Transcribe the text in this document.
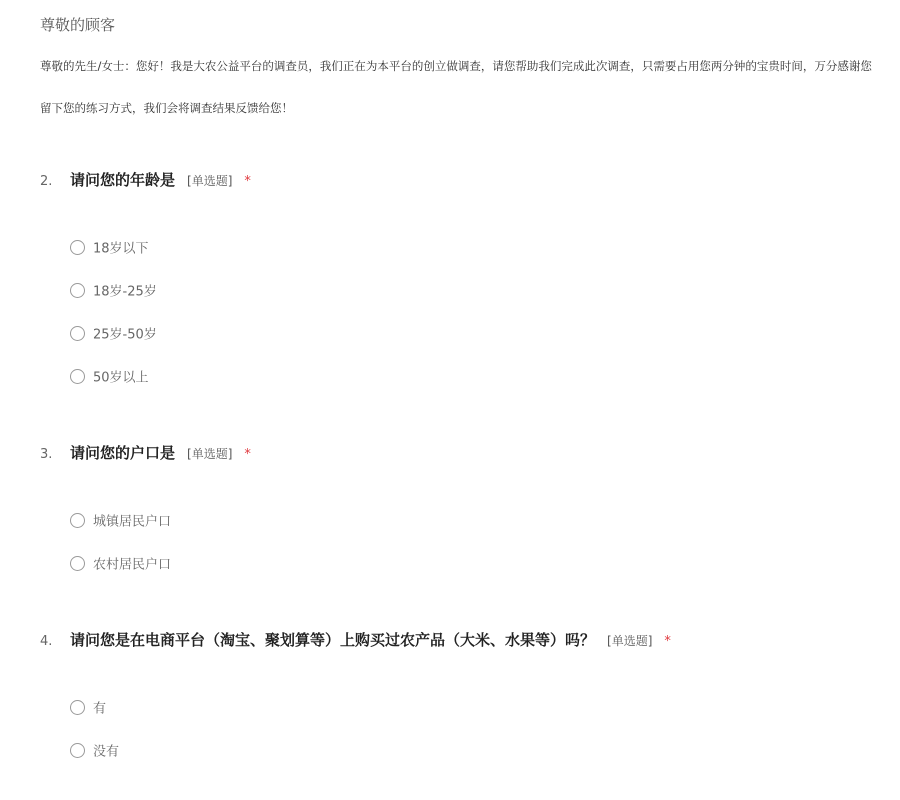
尊敬的顾客
尊敬的先生/女士：您好！我是大农公益平台的调查员，我们正在为本平台的创立做调查，请您帮助我们完成此次调查，只需要占用您两分钟的宝贵时间，万分感谢您
留下您的练习方式，我们会将调查结果反馈给您！
2. 请问您的年龄是 [单选题] *
18岁以下
18岁-25岁
25岁-50岁
50岁以上
3. 请问您的户口是 [单选题] *
城镇居民户口
农村居民户口
4. 请问您是在电商平台（淘宝、聚划算等）上购买过农产品（大米、水果等）吗？ [单选题] *
有
没有
